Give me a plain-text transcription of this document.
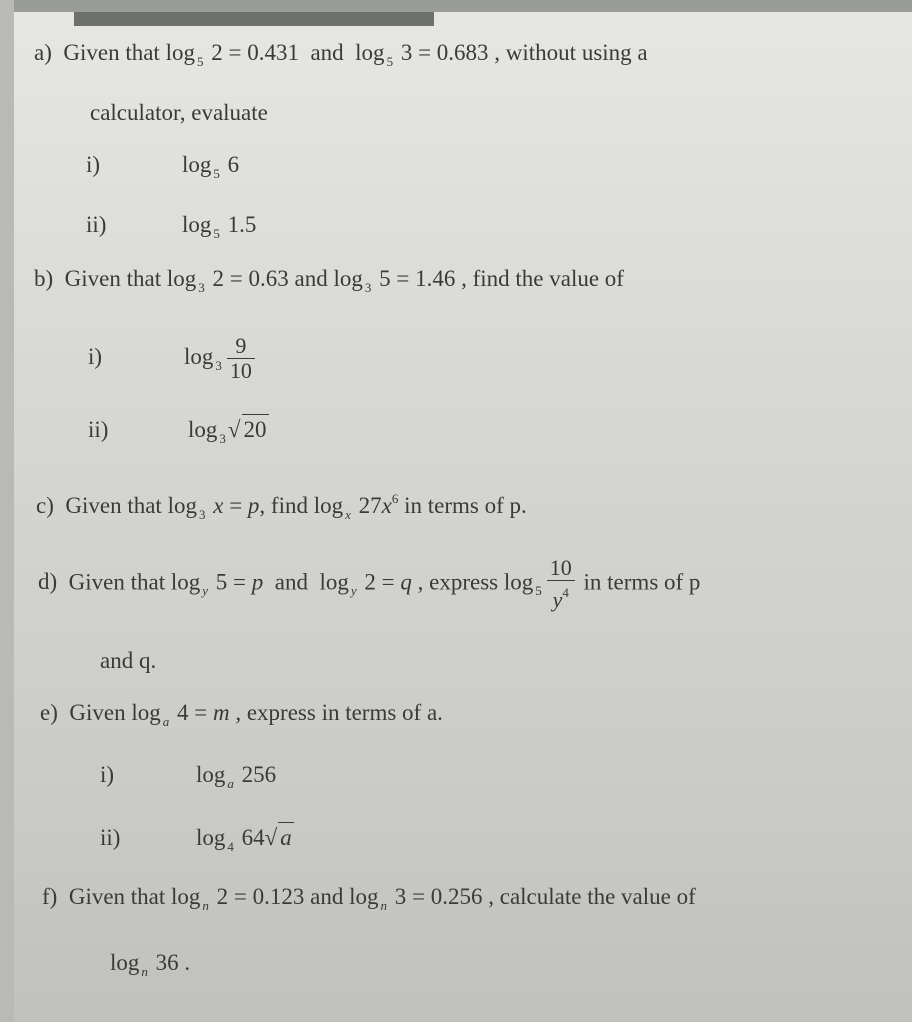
a) Given that log $_5$ 2 = 0.431  and  log $_5$ 3 = 0.683 , without using a
calculator, evaluate
i)	log $_5$ 6
ii)	log $_5$ 1.5
b) Given that log $_3$ 2 = 0.63 and log $_3$ 5 = 1.46 , find the value of
i)	$\log _3 \frac{9}{10}$
ii)	log $_3$√ 20
c) Given that log $_3$ x = p, find log $_x$ $27x^6$ in terms of p.
d) Given that log $_y$ 5 = p  and  log $_y$ 2 = q , express $\log _5 \frac{10}{y^4}$ in terms of p
and q.
e) Given log $_a$ 4 = m , express in terms of a.
i)	log $_a$ 256
ii)	log $_4$ 64√ a
f) Given that log $_n$ 2 = 0.123 and log $_n$ 3 = 0.256 , calculate the value of
log $_n$ 36 .
